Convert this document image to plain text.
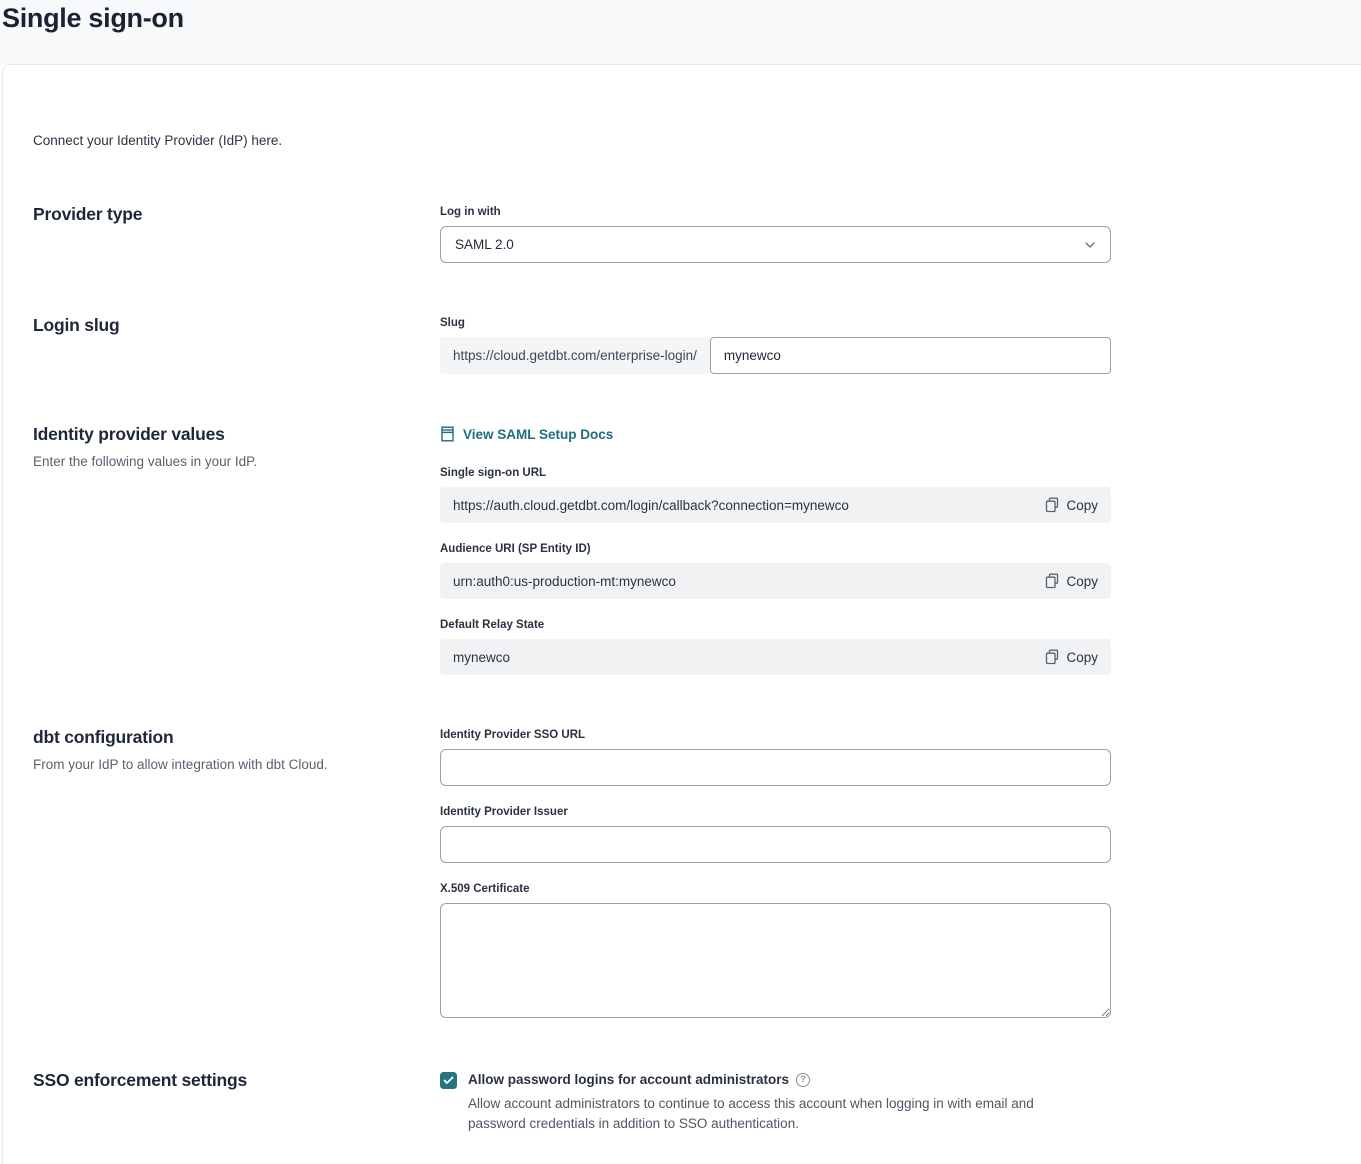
Single sign-on

Connect your Identity Provider (IdP) here.

Provider type	Log in with
SAML 2.0
Login slug	Slug
https://cloud.getdbt.com/enterprise-login/
mynewco
Identity provider values

Enter the following values in your IdP.

View SAML Setup Docs
Single sign-on URL
https://auth.cloud.getdbt.com/login/callback?connection=mynewco	Copy
Audience URI (SP Entity ID)
urn:auth0:us-production-mt:mynewco	Copy
Default Relay State
mynewco	Copy
dbt configuration

From your IdP to allow integration with dbt Cloud.

Identity Provider SSO URL
Identity Provider Issuer
X.509 Certificate
SSO enforcement settings	Allow password logins for account administrators	?

Allow account administrators to continue to access this account when logging in with email and password credentials in addition to SSO authentication.
